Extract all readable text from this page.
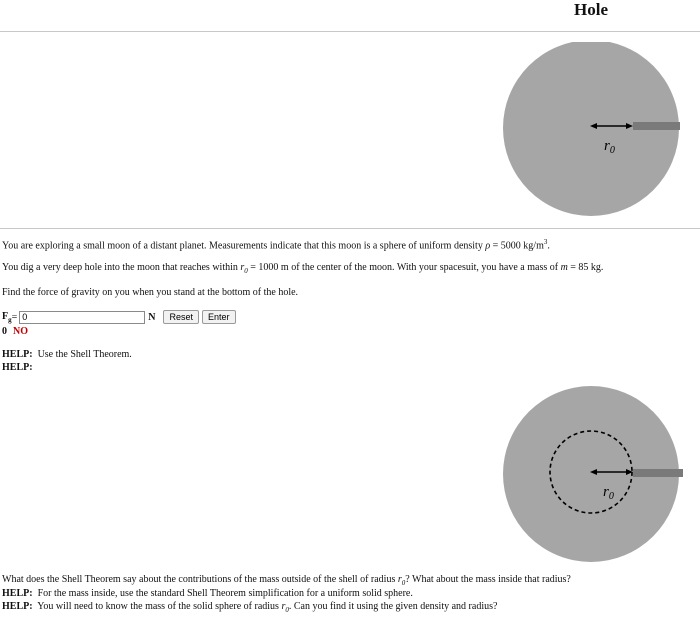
Hole
$r_0$
You are exploring a small moon of a distant planet. Measurements indicate that this moon is a sphere of uniform density ρ = 5000 $kg/m^3$.
You dig a very deep hole into the moon that reaches within $r_0 = 1000$ m of the center of the moon. With your spacesuit, you have a mass of m = 85 kg.
Find the force of gravity on you when you stand at the bottom of the hole.
$F_g$ =
0	N	Reset	Enter
0 NO
HELP: Use the Shell Theorem.
HELP:
$r_0$
What does the Shell Theorem say about the contributions of the mass outside of the shell of radius $r_0$? What about the mass inside that radius?
HELP: For the mass inside, use the standard Shell Theorem simplification for a uniform solid sphere.
HELP: You will need to know the mass of the solid sphere of radius $r_0$. Can you find it using the given density and radius?
